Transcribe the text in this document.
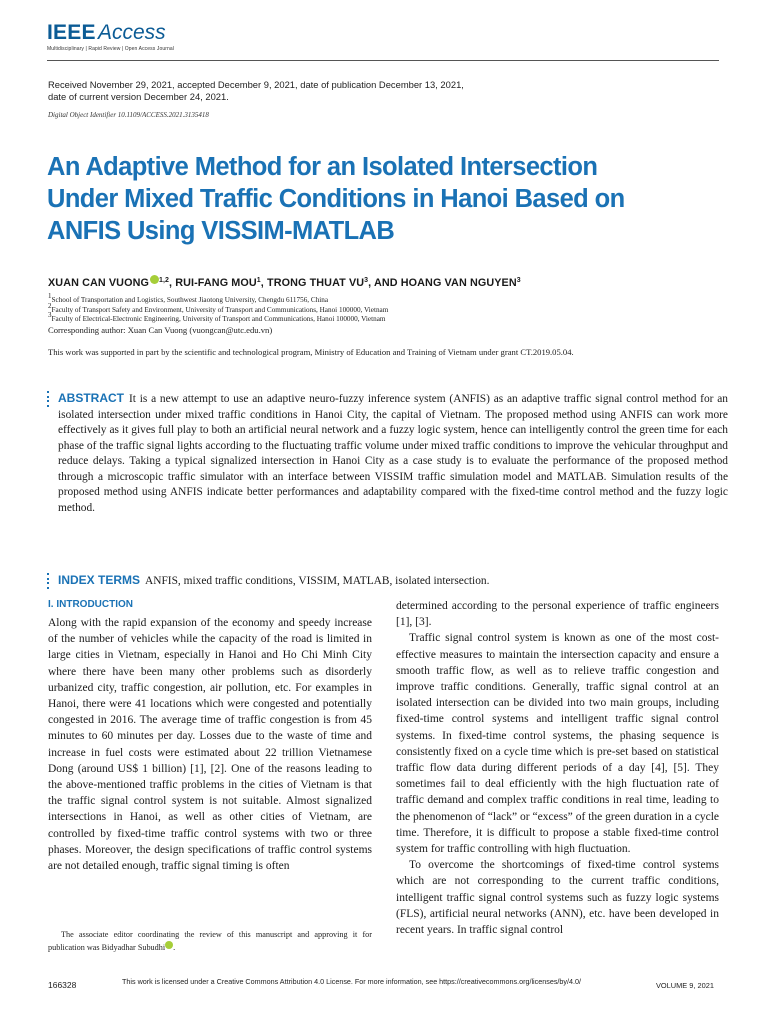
IEEE Access
Multidisciplinary | Rapid Review | Open Access Journal
Received November 29, 2021, accepted December 9, 2021, date of publication December 13, 2021,
date of current version December 24, 2021.
Digital Object Identifier 10.1109/ACCESS.2021.3135418
An Adaptive Method for an Isolated Intersection Under Mixed Traffic Conditions in Hanoi Based on ANFIS Using VISSIM-MATLAB
XUAN CAN VUONG $^{1,2}$, RUI-FANG MOU$^1$, TRONG THUAT $VU^3$, AND HOANG VAN NGUYEN$^3$
1School of Transportation and Logistics, Southwest Jiaotong University, Chengdu 611756, China
2Faculty of Transport Safety and Environment, University of Transport and Communications, Hanoi 100000, Vietnam
3Faculty of Electrical-Electronic Engineering, University of Transport and Communications, Hanoi 100000, Vietnam
Corresponding author: Xuan Can Vuong (vuongcan@utc.edu.vn)
This work was supported in part by the scientific and technological program, Ministry of Education and Training of Vietnam under grant CT.2019.05.04.
ABSTRACT It is a new attempt to use an adaptive neuro-fuzzy inference system (ANFIS) as an adaptive traffic signal control method for an isolated intersection under mixed traffic conditions in Hanoi City, the capital of Vietnam. The proposed method using ANFIS can work more effectively as it gives full play to both an artificial neural network and a fuzzy logic system, hence can intelligently control the green time for each phase of the traffic signal lights according to the fluctuating traffic volume under mixed traffic conditions to improve the vehicular throughput and reduce delays. Taking a typical signalized intersection in Hanoi City as a case study is to evaluate the performance of the proposed method through a microscopic traffic simulator with an interface between VISSIM traffic simulation model and MATLAB. Simulation results of the proposed method using ANFIS indicate better performances and adaptability compared with the fixed-time control method and the fuzzy logic method.
INDEX TERMS ANFIS, mixed traffic conditions, VISSIM, MATLAB, isolated intersection.
I. INTRODUCTION

Along with the rapid expansion of the economy and speedy increase of the number of vehicles while the capacity of the road is limited in large cities in Vietnam, especially in Hanoi and Ho Chi Minh City where there have been many other problems such as disorderly urbanized city, traffic congestion, air pollution, etc. For examples in Hanoi, there were 41 locations which were congested and potentially congested in 2016. The average time of traffic congestion is from 45 minutes to 60 minutes per day. Losses due to the waste of time and increase in fuel costs were estimated about 22 trillion Vietnamese Dong (around US$ 1 billion) [1], [2]. One of the reasons leading to the above-mentioned traffic problems in the cities of Vietnam is that the traffic signal control system is not suitable. Almost signalized intersections in Hanoi, as well as other cities of Vietnam, are controlled by fixed-time traffic control systems with two or three phases. Moreover, the design specifications of traffic control systems are not detailed enough, traffic signal timing is often

determined according to the personal experience of traffic engineers [1], [3].

Traffic signal control system is known as one of the most cost-effective measures to maintain the intersection capacity and ensure a smooth traffic flow, as well as to relieve traffic congestion and improve traffic conditions. Generally, traffic signal control at an isolated intersection can be divided into two main groups, including fixed-time control systems and intelligent traffic signal control systems. In fixed-time control systems, the phasing sequence is consistently fixed on a cycle time which is pre-set based on statistical traffic flow data during different periods of a day [4], [5]. They sometimes fail to deal efficiently with the high fluctuation rate of traffic demand and complex traffic conditions in real time, leading to the phenomenon of “lack” or “excess” of the green duration in a cycle time. Therefore, it is difficult to propose a stable fixed-time control system for traffic controlling with high fluctuation.

To overcome the shortcomings of fixed-time control systems which are not corresponding to the current traffic conditions, intelligent traffic signal control systems such as fuzzy logic systems (FLS), artificial neural networks (ANN), etc. have been developed in recent years. In traffic signal control

The associate editor coordinating the review of this manuscript and approving it for publication was Bidyadhar Subudhi .
166328	This work is licensed under a Creative Commons Attribution 4.0 License. For more information, see https://creativecommons.org/licenses/by/4.0/	VOLUME 9, 2021
